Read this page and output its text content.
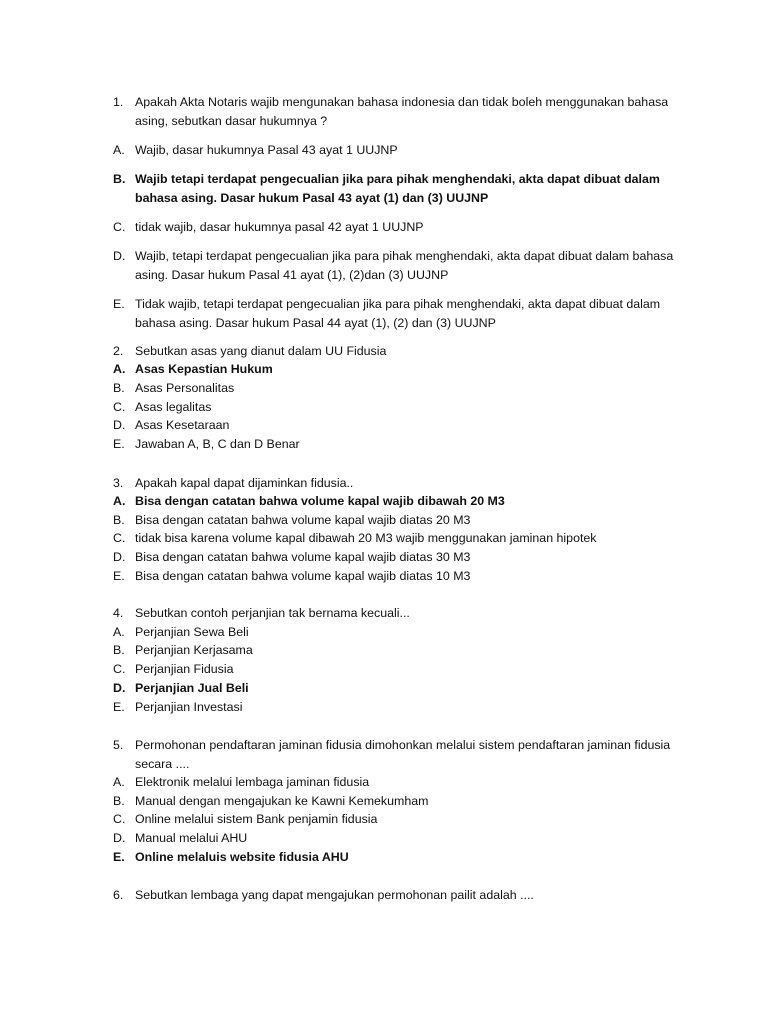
1. Apakah Akta Notaris wajib mengunakan bahasa indonesia dan tidak boleh menggunakan bahasa asing, sebutkan dasar hukumnya ?
A. Wajib, dasar hukumnya Pasal 43 ayat 1 UUJNP
B. Wajib tetapi terdapat pengecualian jika para pihak menghendaki, akta dapat dibuat dalam bahasa asing. Dasar hukum Pasal 43 ayat (1) dan (3) UUJNP
C. tidak wajib, dasar hukumnya pasal 42 ayat 1 UUJNP
D. Wajib, tetapi terdapat pengecualian jika para pihak menghendaki, akta dapat dibuat dalam bahasa asing. Dasar hukum Pasal 41 ayat (1), (2)dan (3) UUJNP
E. Tidak wajib, tetapi terdapat pengecualian jika para pihak menghendaki, akta dapat dibuat dalam bahasa asing. Dasar hukum Pasal 44 ayat (1), (2) dan (3) UUJNP
2. Sebutkan asas yang dianut dalam UU Fidusia
A. Asas Kepastian Hukum
B. Asas Personalitas
C. Asas legalitas
D. Asas Kesetaraan
E. Jawaban A, B, C dan D Benar
3. Apakah kapal dapat dijaminkan fidusia..
A. Bisa dengan catatan bahwa volume kapal wajib dibawah 20 M3
B. Bisa dengan catatan bahwa volume kapal wajib diatas 20 M3
C. tidak bisa karena volume kapal dibawah 20 M3 wajib menggunakan jaminan hipotek
D. Bisa dengan catatan bahwa volume kapal wajib diatas 30 M3
E. Bisa dengan catatan bahwa volume kapal wajib diatas 10 M3
4. Sebutkan contoh perjanjian tak bernama kecuali...
A. Perjanjian Sewa Beli
B. Perjanjian Kerjasama
C. Perjanjian Fidusia
D. Perjanjian Jual Beli
E. Perjanjian Investasi
5. Permohonan pendaftaran jaminan fidusia dimohonkan melalui sistem pendaftaran jaminan fidusia secara ....
A. Elektronik melalui lembaga jaminan fidusia
B. Manual dengan mengajukan ke Kawni Kemekumham
C. Online melalui sistem Bank penjamin fidusia
D. Manual melalui AHU
E. Online melaluis website fidusia AHU
6. Sebutkan lembaga yang dapat mengajukan permohonan pailit adalah ....
